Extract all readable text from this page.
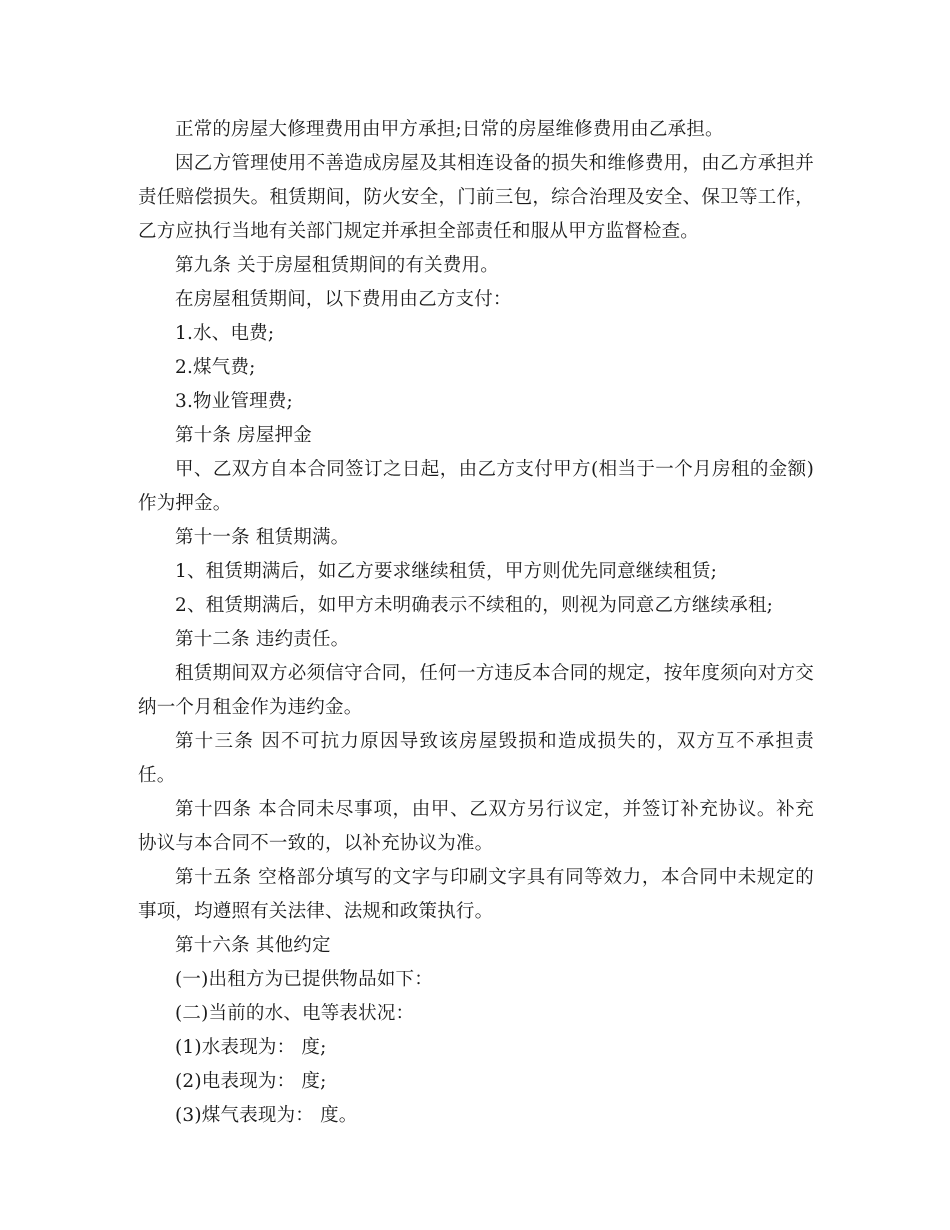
正常的房屋大修理费用由甲方承担;日常的房屋维修费用由乙承担。

因乙方管理使用不善造成房屋及其相连设备的损失和维修费用，由乙方承担并责任赔偿损失。租赁期间，防火安全，门前三包，综合治理及安全、保卫等工作，乙方应执行当地有关部门规定并承担全部责任和服从甲方监督检查。

第九条 关于房屋租赁期间的有关费用。

在房屋租赁期间，以下费用由乙方支付：

1.水、电费;

2.煤气费;

3.物业管理费;

第十条 房屋押金

甲、乙双方自本合同签订之日起，由乙方支付甲方(相当于一个月房租的金额)作为押金。

第十一条 租赁期满。

1、租赁期满后，如乙方要求继续租赁，甲方则优先同意继续租赁;

2、租赁期满后，如甲方未明确表示不续租的，则视为同意乙方继续承租;

第十二条 违约责任。

租赁期间双方必须信守合同，任何一方违反本合同的规定，按年度须向对方交纳一个月租金作为违约金。

第十三条 因不可抗力原因导致该房屋毁损和造成损失的，双方互不承担责任。

第十四条 本合同未尽事项，由甲、乙双方另行议定，并签订补充协议。补充协议与本合同不一致的，以补充协议为准。

第十五条 空格部分填写的文字与印刷文字具有同等效力，本合同中未规定的事项，均遵照有关法律、法规和政策执行。

第十六条 其他约定

(一)出租方为已提供物品如下：

(二)当前的水、电等表状况：

(1)水表现为： 度;

(2)电表现为： 度;

(3)煤气表现为： 度。
